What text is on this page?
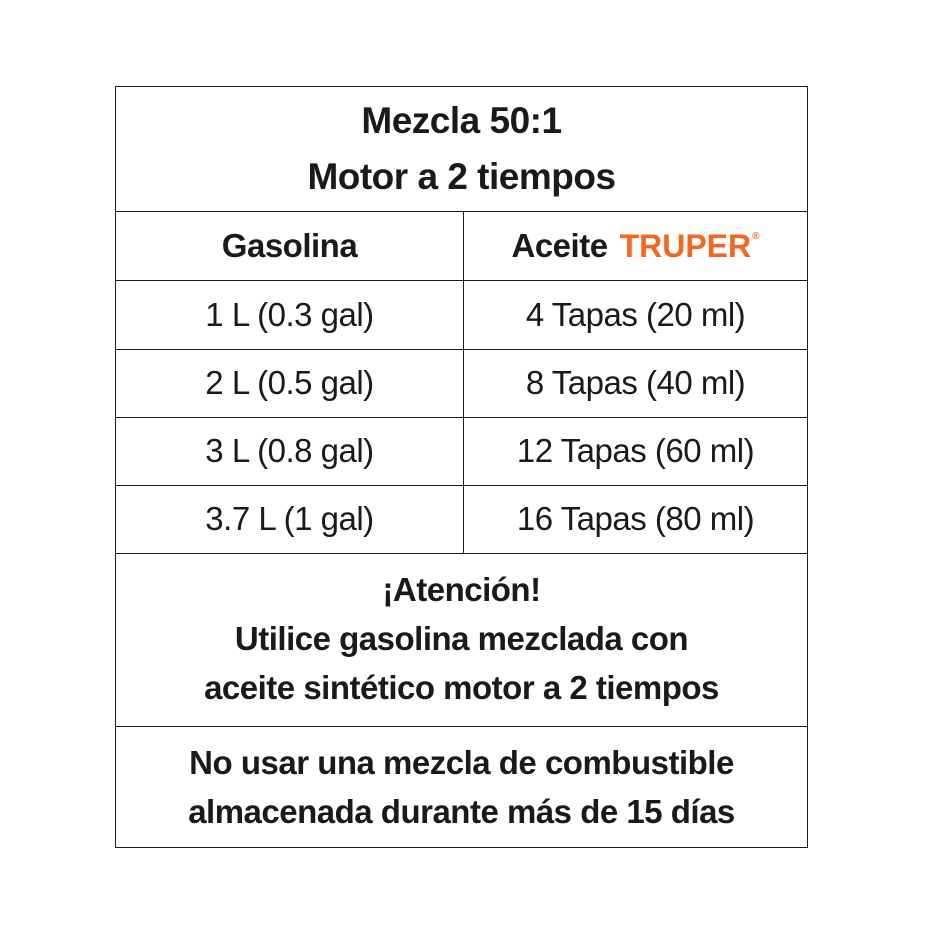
Mezcla 50:1
Motor a 2 tiempos
Gasolina	Aceite TRUPER®
1 L (0.3 gal)	4 Tapas (20 ml)
2 L (0.5 gal)	8 Tapas (40 ml)
3 L (0.8 gal)	12 Tapas (60 ml)
3.7 L (1 gal)	16 Tapas (80 ml)
¡Atención!
Utilice gasolina mezclada con
aceite sintético motor a 2 tiempos
No usar una mezcla de combustible
almacenada durante más de 15 días
